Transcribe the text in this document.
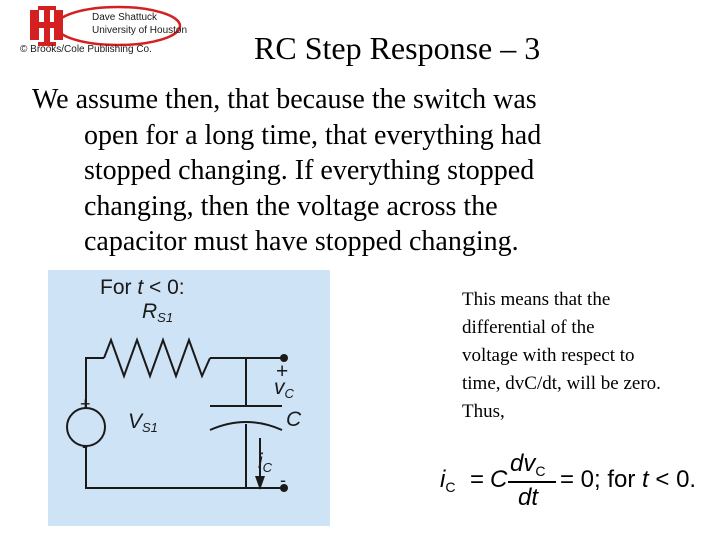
Dave Shattuck
University of Houston
© Brooks/Cole Publishing Co.	RC Step Response – 3
We assume then, that because the switch was
open for a long time, that everything had
stopped changing. If everything stopped
changing, then the voltage across the
capacitor must have stopped changing.
For t < 0:
RS1
+
-
VS1
+
vC
C
iC
-
This means that the
differential of the
voltage with respect to
time, dvC/dt, will be zero.
Thus,
$i_C = C$
$dv_C$
dt
= 0; for t < 0.
